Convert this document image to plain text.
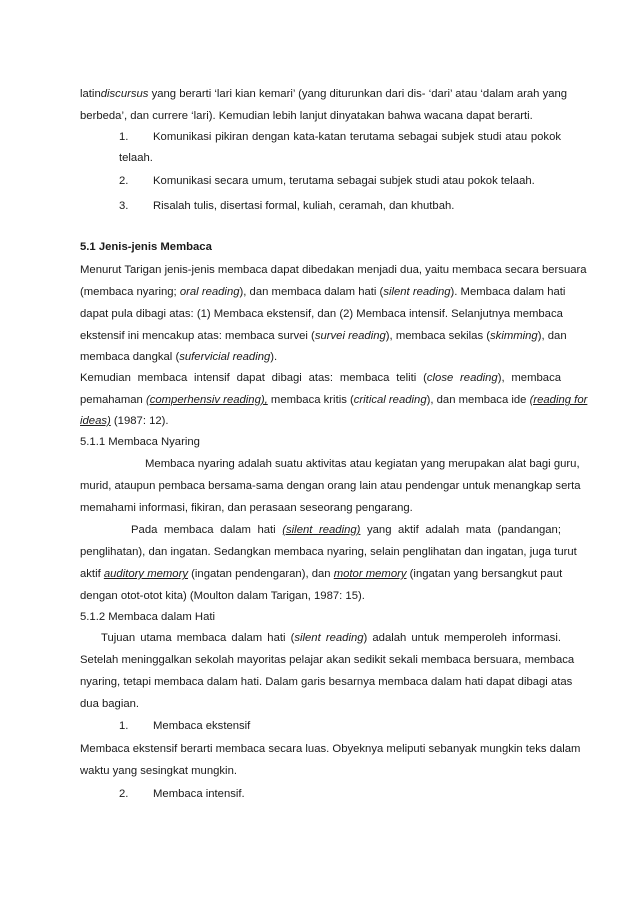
latindiscursus yang berarti ‘lari kian kemari’ (yang diturunkan dari dis- ‘dari’ atau ‘dalam arah yang
berbeda’, dan currere ‘lari). Kemudian lebih lanjut dinyatakan bahwa wacana dapat berarti.
1. Komunikasi pikiran dengan kata-katan terutama sebagai subjek studi atau pokok
telaah.
2. Komunikasi secara umum, terutama sebagai subjek studi atau pokok telaah.
3. Risalah tulis, disertasi formal, kuliah, ceramah, dan khutbah.
5.1 Jenis-jenis Membaca
Menurut Tarigan jenis-jenis membaca dapat dibedakan menjadi dua, yaitu membaca secara bersuara
(membaca nyaring; oral reading), dan membaca dalam hati (silent reading). Membaca dalam hati
dapat pula dibagi atas: (1) Membaca ekstensif, dan (2) Membaca intensif. Selanjutnya membaca
ekstensif ini mencakup atas: membaca survei (survei reading), membaca sekilas (skimming), dan
membaca dangkal (sufervicial reading).
Kemudian membaca intensif dapat dibagi atas: membaca teliti (close reading), membaca
pemahaman (comperhensiv reading), membaca kritis (critical reading), dan membaca ide (reading for
ideas) (1987: 12).
5.1.1 Membaca Nyaring
Membaca nyaring adalah suatu aktivitas atau kegiatan yang merupakan alat bagi guru,
murid, ataupun pembaca bersama-sama dengan orang lain atau pendengar untuk menangkap serta
memahami informasi, fikiran, dan perasaan seseorang pengarang.
Pada membaca dalam hati (silent reading) yang aktif adalah mata (pandangan;
penglihatan), dan ingatan. Sedangkan membaca nyaring, selain penglihatan dan ingatan, juga turut
aktif auditory memory (ingatan pendengaran), dan motor memory (ingatan yang bersangkut paut
dengan otot-otot kita) (Moulton dalam Tarigan, 1987: 15).
5.1.2 Membaca dalam Hati
Tujuan utama membaca dalam hati (silent reading) adalah untuk memperoleh informasi.
Setelah meninggalkan sekolah mayoritas pelajar akan sedikit sekali membaca bersuara, membaca
nyaring, tetapi membaca dalam hati. Dalam garis besarnya membaca dalam hati dapat dibagi atas
dua bagian.
1. Membaca ekstensif
Membaca ekstensif berarti membaca secara luas. Obyeknya meliputi sebanyak mungkin teks dalam
waktu yang sesingkat mungkin.
2. Membaca intensif.
